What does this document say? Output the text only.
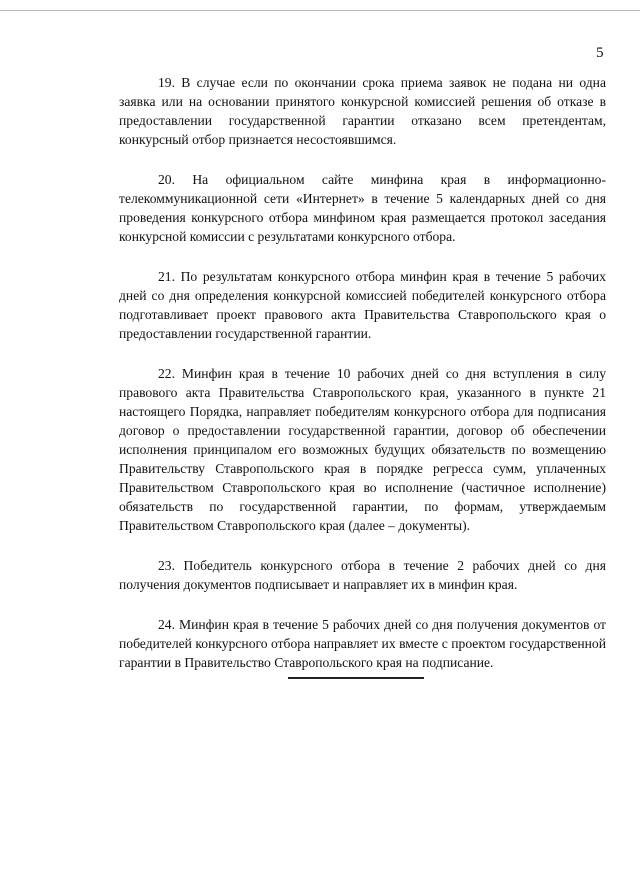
5

19. В случае если по окончании срока приема заявок не подана ни одна заявка или на основании принятого конкурсной комиссией решения об отказе в предоставлении государственной гарантии отказано всем претендентам, конкурсный отбор признается несостоявшимся.

20. На официальном сайте минфина края в информационно-телекоммуникационной сети «Интернет» в течение 5 календарных дней со дня проведения конкурсного отбора минфином края размещается протокол заседания конкурсной комиссии с результатами конкурсного отбора.

21. По результатам конкурсного отбора минфин края в течение 5 рабочих дней со дня определения конкурсной комиссией победителей конкурсного отбора подготавливает проект правового акта Правительства Ставропольского края о предоставлении государственной гарантии.

22. Минфин края в течение 10 рабочих дней со дня вступления в силу правового акта Правительства Ставропольского края, указанного в пункте 21 настоящего Порядка, направляет победителям конкурсного отбора для подписания договор о предоставлении государственной гарантии, договор об обеспечении исполнения принципалом его возможных будущих обязательств по возмещению Правительству Ставропольского края в порядке регресса сумм, уплаченных Правительством Ставропольского края во исполнение (частичное исполнение) обязательств по государственной гарантии, по формам, утверждаемым Правительством Ставропольского края (далее – документы).

23. Победитель конкурсного отбора в течение 2 рабочих дней со дня получения документов подписывает и направляет их в минфин края.

24. Минфин края в течение 5 рабочих дней со дня получения документов от победителей конкурсного отбора направляет их вместе с проектом государственной гарантии в Правительство Ставропольского края на подписание.
